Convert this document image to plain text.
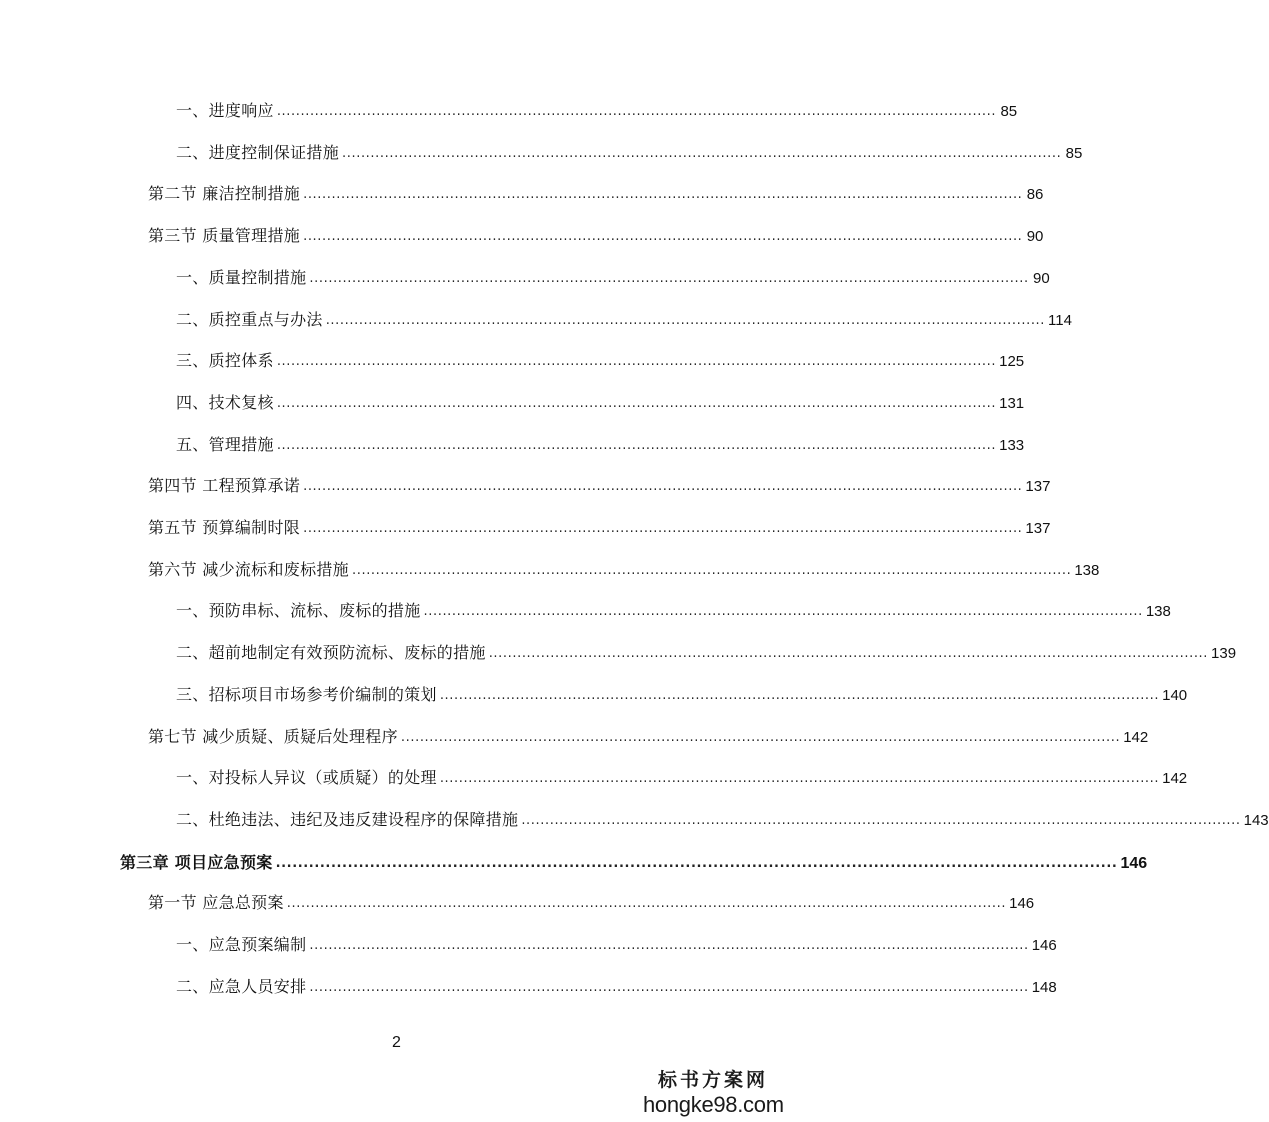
一、进度响应 ........................................................................................................................................................ 85
二、进度控制保证措施 ........................................................................................................................................................ 85
第二节 廉洁控制措施 ........................................................................................................................................................ 86
第三节 质量管理措施 ........................................................................................................................................................ 90
一、质量控制措施 ........................................................................................................................................................ 90
二、质控重点与办法 ........................................................................................................................................................ 114
三、质控体系 ........................................................................................................................................................ 125
四、技术复核 ........................................................................................................................................................ 131
五、管理措施 ........................................................................................................................................................ 133
第四节 工程预算承诺 ........................................................................................................................................................ 137
第五节 预算编制时限 ........................................................................................................................................................ 137
第六节 减少流标和废标措施 ........................................................................................................................................................ 138
一、预防串标、流标、废标的措施 ........................................................................................................................................................ 138
二、超前地制定有效预防流标、废标的措施 ........................................................................................................................................................ 139
三、招标项目市场参考价编制的策划 ........................................................................................................................................................ 140
第七节 减少质疑、质疑后处理程序 ........................................................................................................................................................ 142
一、对投标人异议（或质疑）的处理 ........................................................................................................................................................ 142
二、杜绝违法、违纪及违反建设程序的保障措施 ........................................................................................................................................................ 143
第三章 项目应急预案 ........................................................................................................................................................ 146
第一节 应急总预案 ........................................................................................................................................................ 146
一、应急预案编制 ........................................................................................................................................................ 146
二、应急人员安排 ........................................................................................................................................................ 148
2
标书方案网
hongke98.com
